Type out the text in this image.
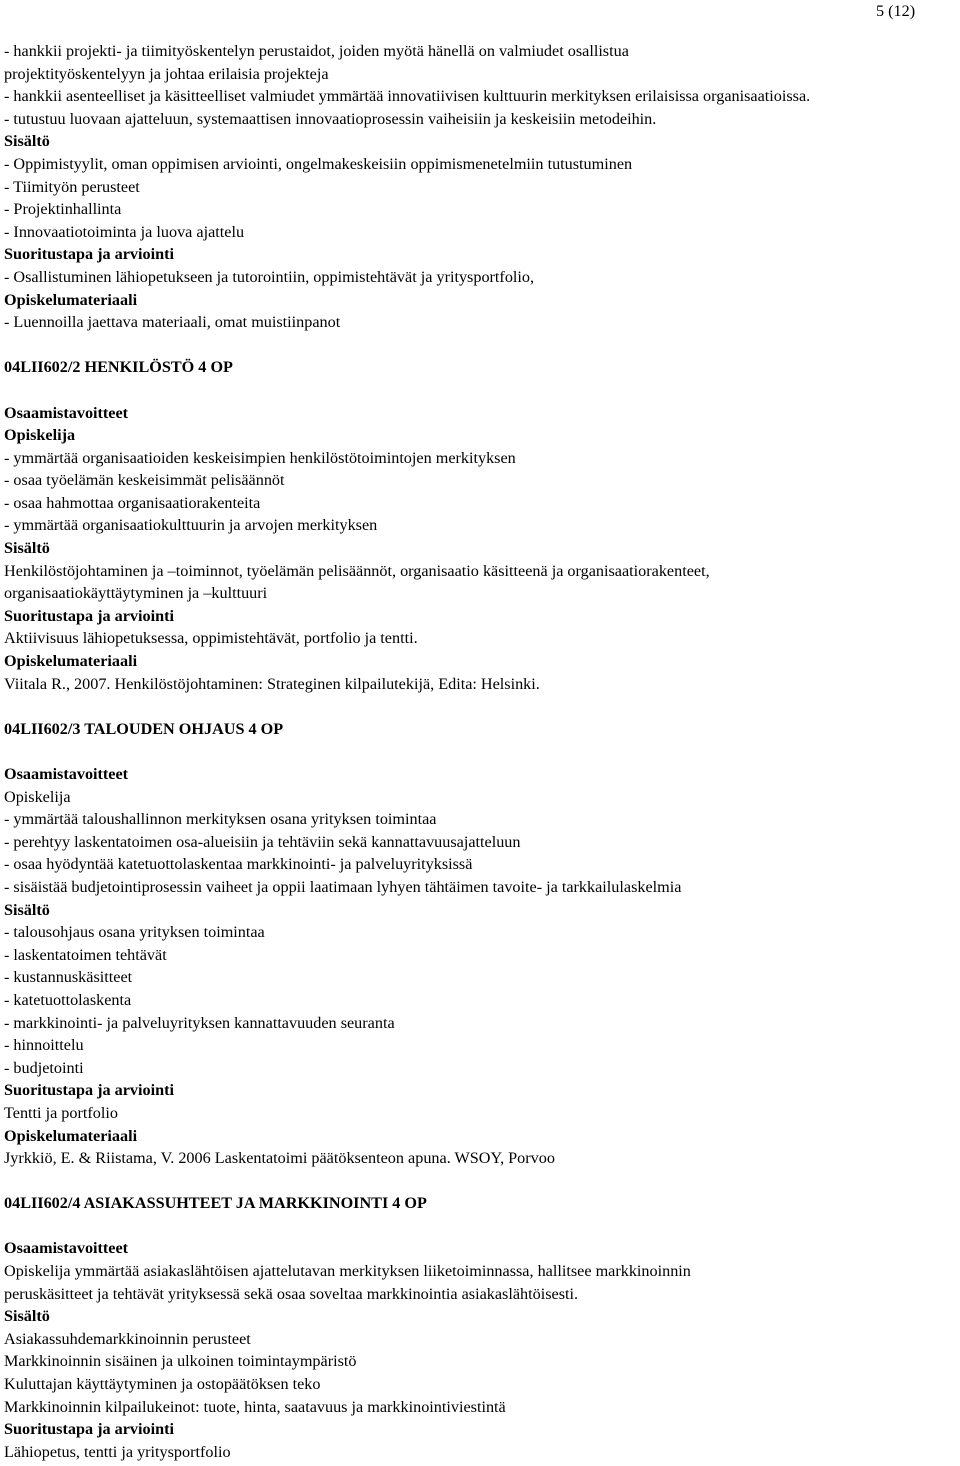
5 (12)
- hankkii projekti- ja tiimityöskentelyn perustaidot, joiden myötä hänellä on valmiudet osallistua
projektityöskentelyyn ja johtaa erilaisia projekteja
- hankkii asenteelliset ja käsitteelliset valmiudet ymmärtää innovatiivisen kulttuurin merkityksen erilaisissa organisaatioissa.
- tutustuu luovaan ajatteluun, systemaattisen innovaatioprosessin vaiheisiin ja keskeisiin metodeihin.
Sisältö
- Oppimistyylit, oman oppimisen arviointi, ongelmakeskeisiin oppimismenetelmiin tutustuminen
- Tiimityön perusteet
- Projektinhallinta
- Innovaatiotoiminta ja luova ajattelu
Suoritustapa ja arviointi
- Osallistuminen lähiopetukseen ja tutorointiin, oppimistehtävät ja yritysportfolio,
Opiskelumateriaali
- Luennoilla jaettava materiaali, omat muistiinpanot
04LII602/2 HENKILÖSTÖ 4 OP
Osaamistavoitteet
Opiskelija
- ymmärtää organisaatioiden keskeisimpien henkilöstötoimintojen merkityksen
- osaa työelämän keskeisimmät pelisäännöt
- osaa hahmottaa organisaatiorakenteita
- ymmärtää organisaatiokulttuurin ja arvojen merkityksen
Sisältö
Henkilöstöjohtaminen ja –toiminnot, työelämän pelisäännöt, organisaatio käsitteenä ja organisaatiorakenteet,
organisaatiokäyttäytyminen ja –kulttuuri
Suoritustapa ja arviointi
Aktiivisuus lähiopetuksessa, oppimistehtävät, portfolio ja tentti.
Opiskelumateriaali
Viitala R., 2007. Henkilöstöjohtaminen: Strateginen kilpailutekijä, Edita: Helsinki.
04LII602/3 TALOUDEN OHJAUS 4 OP
Osaamistavoitteet
Opiskelija
- ymmärtää taloushallinnon merkityksen osana yrityksen toimintaa
- perehtyy laskentatoimen osa-alueisiin ja tehtäviin sekä kannattavuusajatteluun
- osaa hyödyntää katetuottolaskentaa markkinointi- ja palveluyrityksissä
- sisäistää budjetointiprosessin vaiheet ja oppii laatimaan lyhyen tähtäimen tavoite- ja tarkkailulaskelmia
Sisältö
- talousohjaus osana yrityksen toimintaa
- laskentatoimen tehtävät
- kustannuskäsitteet
- katetuottolaskenta
- markkinointi- ja palveluyrityksen kannattavuuden seuranta
- hinnoittelu
- budjetointi
Suoritustapa ja arviointi
Tentti ja portfolio
Opiskelumateriaali
Jyrkkiö, E. & Riistama, V. 2006 Laskentatoimi päätöksenteon apuna. WSOY, Porvoo
04LII602/4 ASIAKASSUHTEET JA MARKKINOINTI 4 OP
Osaamistavoitteet
Opiskelija ymmärtää asiakaslähtöisen ajattelutavan merkityksen liiketoiminnassa, hallitsee markkinoinnin
peruskäsitteet ja tehtävät yrityksessä sekä osaa soveltaa markkinointia asiakaslähtöisesti.
Sisältö
Asiakassuhdemarkkinoinnin perusteet
Markkinoinnin sisäinen ja ulkoinen toimintaympäristö
Kuluttajan käyttäytyminen ja ostopäätöksen teko
Markkinoinnin kilpailukeinot: tuote, hinta, saatavuus ja markkinointiviestintä
Suoritustapa ja arviointi
Lähiopetus, tentti ja yritysportfolio
